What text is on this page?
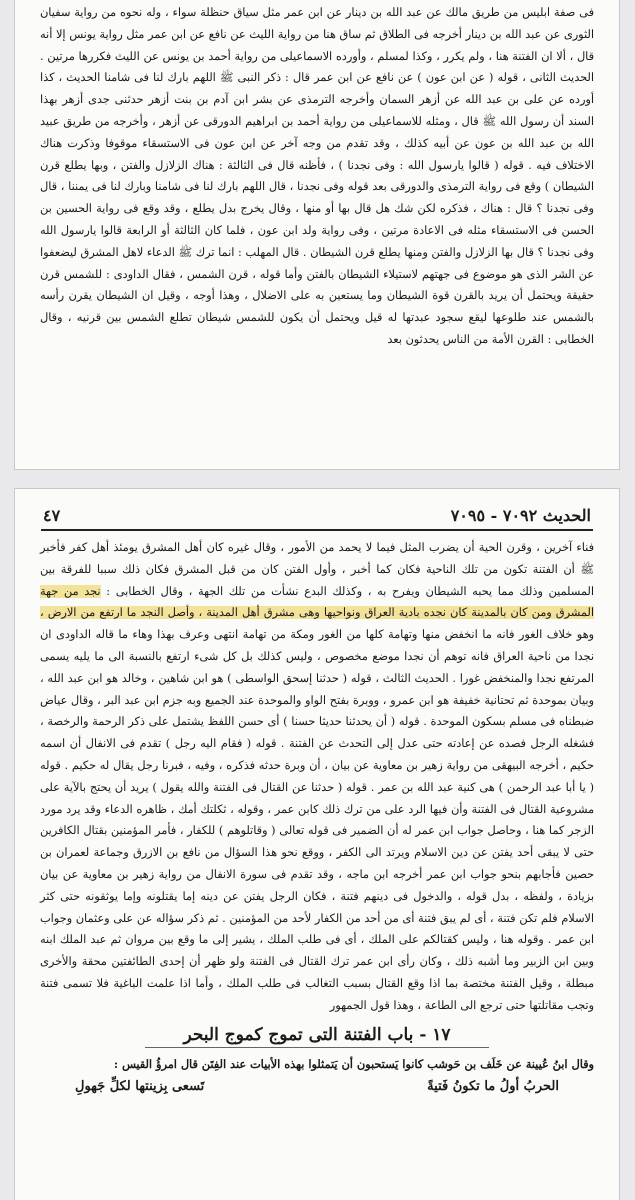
فى صفة ابليس من طريق مالك عن عبد الله بن دينار عن ابن عمر مثل سياق حنظلة سواء ، وله نحوه من رواية سفيان الثورى عن عبد الله بن دينار أخرجه فى الطلاق ثم ساق هنا من رواية الليث عن نافع عن ابن عمر مثل رواية يونس إلا أنه قال ، ألا ان الفتنة هنا ، ولم يكرر ، وكذا لمسلم ، وأورده الاسماعيلى من رواية أحمد بن يونس عن الليث فكررها مرتين . الحديث الثانى ، قوله ( عن ابن عون ) عن نافع عن ابن عمر قال : ذكر النبى ﷺ اللهم بارك لنا فى شامنا الحديث ، كذا أورده عن على بن عبد الله عن أزهر السمان وأخرجه الترمذى عن بشر ابن آدم بن بنت أزهر حدثنى جدى أزهر بهذا السند أن رسول الله ﷺ قال ، ومثله للاسماعيلى من رواية أحمد بن ابراهيم الدورقى عن أزهر ، وأخرجه من طريق عبيد الله بن عبد الله بن عون عن أبيه كذلك ، وقد تقدم من وجه آخر عن ابن عون فى الاستسقاء موقوفا وذكرت هناك الاختلاف فيه . قوله ( قالوا يارسول الله : وفى نجدنا ) ، فأظنه قال فى الثالثة : هناك الزلازل والفتن ، وبها يطلع قرن الشيطان ) وقع فى رواية الترمذى والدورقى بعد قوله وفى نجدنا ، قال اللهم بارك لنا فى شامنا وبارك لنا فى يمننا ، قال وفى نجدنا ؟ قال : هناك ، فذكره لكن شك هل قال بها أو منها ، وقال يخرج بدل يطلع ، وقد وقع فى رواية الحسين بن الحسن فى الاستسقاء مثله فى الاعادة مرتين ، وفى رواية ولد ابن عون ، فلما كان الثالثة أو الرابعة قالوا يارسول الله وفى نجدنا ؟ قال بها الزلازل والفتن ومنها يطلع قرن الشيطان . قال المهلب : انما ترك ﷺ الدعاء لاهل المشرق ليضعفوا عن الشر الذى هو موضوع فى جهتهم لاستيلاء الشيطان بالفتن وأما قوله ، قرن الشمس ، فقال الداودى : للشمس قرن حقيقة ويحتمل أن يريد بالقرن قوة الشيطان وما يستعين به على الاضلال ، وهذا أوجه ، وقيل ان الشيطان يقرن رأسه بالشمس عند طلوعها ليقع سجود عبدتها له قيل ويحتمل أن يكون للشمس شيطان تطلع الشمس بين قرنيه ، وقال الخطابى : القرن الأمة من الناس يحدثون بعد
الحديث ٧٠٩٢ - ٧٠٩٥
٤٧
فناء آخرين ، وقرن الحية أن يضرب المثل فيما لا يحمد من الأمور ، وقال غيره كان أهل المشرق يومئذ أهل كفر فأخبر ﷺ أن الفتنة تكون من تلك الناحية فكان كما أخبر ، وأول الفتن كان من قبل المشرق فكان ذلك سببا للفرقة بين المسلمين وذلك مما يحبه الشيطان ويفرح به ، وكذلك البدع نشأت من تلك الجهة ، وقال الخطابى : نجد من جهة المشرق ومن كان بالمدينة كان نجده بادية العراق ونواحيها وهى مشرق أهل المدينة ، وأصل النجد ما ارتفع من الارض ، وهو خلاف الغور فانه ما انخفض منها وتهامة كلها من الغور ومكة من تهامة انتهى وعرف بهذا وهاء ما قاله الداودى ان نجدا من ناحية العراق فانه توهم أن نجدا موضع مخصوص ، وليس كذلك بل كل شىء ارتفع بالنسبة الى ما يليه يسمى المرتفع نجدا والمنخفض غورا . الحديث الثالث ، قوله ( حدثنا إسحق الواسطى ) هو ابن شاهين ، وخالد هو ابن عبد الله ، وبيان بموحدة ثم تحتانية خفيفة هو ابن عمرو ، ووبرة بفتح الواو والموحدة عند الجميع وبه جزم ابن عبد البر ، وقال عياض ضبطناه فى مسلم بسكون الموحدة . قوله ( أن يحدثنا حديثا حسنا ) أى حسن اللفظ يشتمل على ذكر الرحمة والرخصة ، فشغله الرجل فصده عن إعادته حتى عدل إلى التحدث عن الفتنة . قوله ( فقام اليه رجل ) تقدم فى الانفال أن اسمه حكيم ، أخرجه البيهقى من رواية زهير بن معاوية عن بيان ، أن وبرة حدثه فذكره ، وفيه ، فبرنا رجل يقال له حكيم . قوله ( يا أبا عبد الرحمن ) هى كنية عبد الله بن عمر . قوله ( حدثنا عن القتال فى الفتنة والله يقول ) يريد أن يحتج بالآية على مشروعية القتال فى الفتنة وأن فيها الرد على من ترك ذلك كابن عمر ، وقوله ، ثكلتك أمك ، ظاهره الدعاء وقد يرد مورد الزجر كما هنا ، وحاصل جواب ابن عمر له أن الضمير فى قوله تعالى ( وقاتلوهم ) للكفار ، فأمر المؤمنين بقتال الكافرين حتى لا يبقى أحد يفتن عن دين الاسلام ويرتد الى الكفر ، ووقع نحو هذا السؤال من نافع بن الازرق وجماعة لعمران بن حصين فأجابهم بنحو جواب ابن عمر أخرجه ابن ماجه ، وقد تقدم فى سورة الانفال من رواية زهير بن معاوية عن بيان بزيادة ، ولفظه ، بدل قوله ، والدخول فى دينهم فتنة ، فكان الرجل يفتن عن دينه إما يقتلونه وإما يوثقونه حتى كثر الاسلام فلم تكن فتنة ، أى لم يبق فتنة أى من أحد من الكفار لأحد من المؤمنين . ثم ذكر سؤاله عن على وعثمان وجواب ابن عمر . وقوله هنا ، وليس كقتالكم على الملك ، أى فى طلب الملك ، يشير إلى ما وقع بين مروان ثم عبد الملك ابنه وبين ابن الزبير وما أشبه ذلك ، وكان رأى ابن عمر ترك القتال فى الفتنة ولو ظهر أن إحدى الطائفتين محقة والأخرى مبطلة ، وقيل الفتنة مختصة بما اذا وقع القتال بسبب التغالب فى طلب الملك ، وأما اذا علمت الباغية فلا تسمى فتنة وتجب مقاتلتها حتى ترجع الى الطاعة ، وهذا قول الجمهور
١٧ - باب الفتنة التى تموج كموج البحر
وقال ابنُ عُيينة عن خَلَف بن حَوشب كانوا يَستحبون أن يَتمثلوا بهذه الأبيات عند الفِتَن قال امرؤُ القيس :
الحربُ أولُ ما تكونُ فَتيةً
تَسعى بِزينتها لكلِّ جَهولِ
